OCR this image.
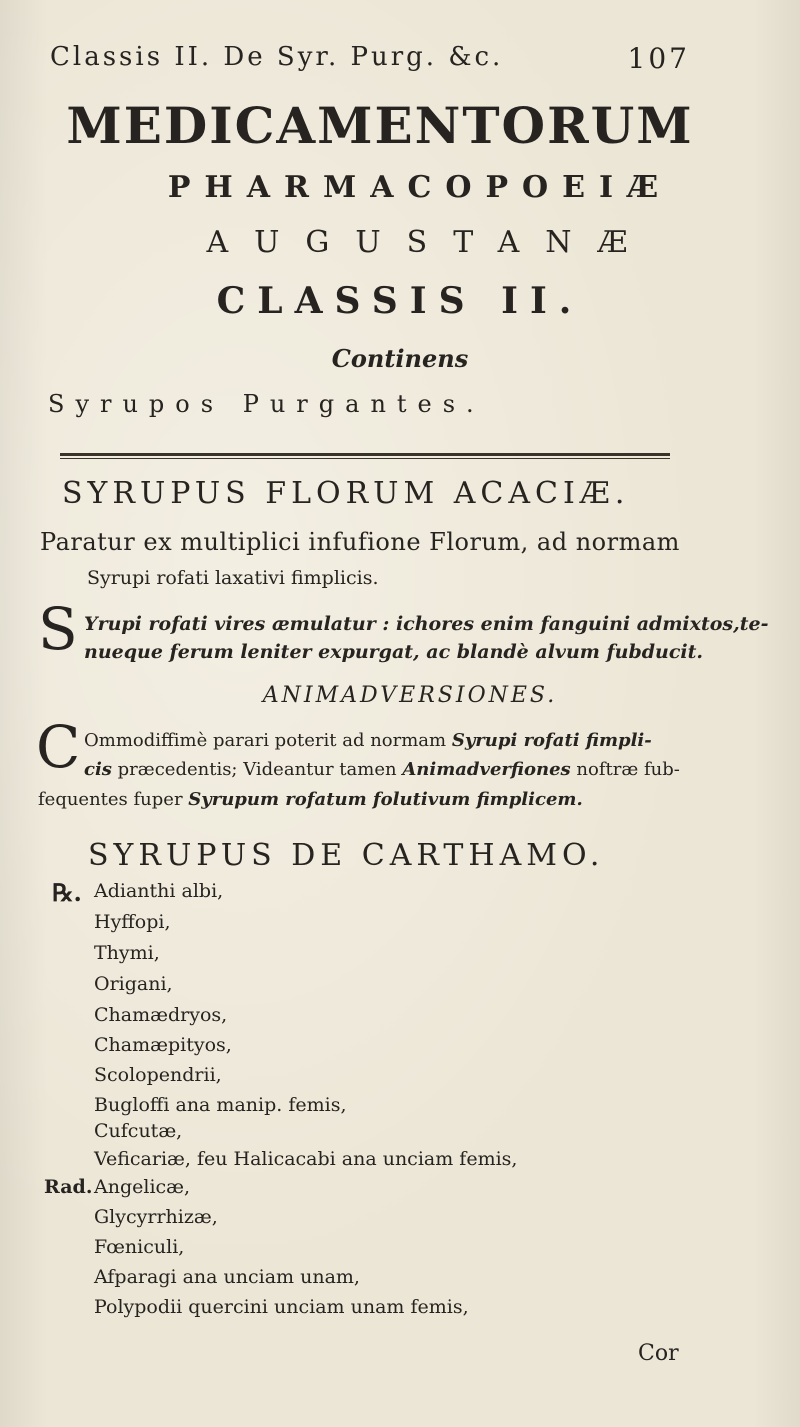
Classis II. De Syr. Purg. &c.	107
MEDICAMENTORUM
PHARMACOPOEIÆ
AUGUSTANÆ
CLASSIS II.
Continens
Syrupos Purgantes.
SYRUPUS FLORUM ACACIÆ.
Paratur ex multiplici infufione Florum, ad normam
Syrupi rofati laxativi fimplicis.
S Yrupi rofati vires æmulatur : ichores enim fanguini admixtos,te-
nueque ferum leniter expurgat, ac blandè alvum fubducit.
ANIMADVERSIONES.
C Ommodiffimè parari poterit ad normam Syrupi rofati fimpli-
cis præcedentis; Videantur tamen Animadverfiones noftræ fub-
fequentes fuper Syrupum rofatum folutivum fimplicem.
SYRUPUS DE CARTHAMO.
℞.
Rad.
Adianthi albi,
Hyffopi,
Thymi,
Origani,
Chamædryos,
Chamæpityos,
Scolopendrii,
Bugloffi ana manip. femis,
Cufcutæ,
Veficariæ, feu Halicacabi ana unciam femis,
Angelicæ,
Glycyrrhizæ,
Fœniculi,
Afparagi ana unciam unam,
Polypodii quercini unciam unam femis,
Cor
